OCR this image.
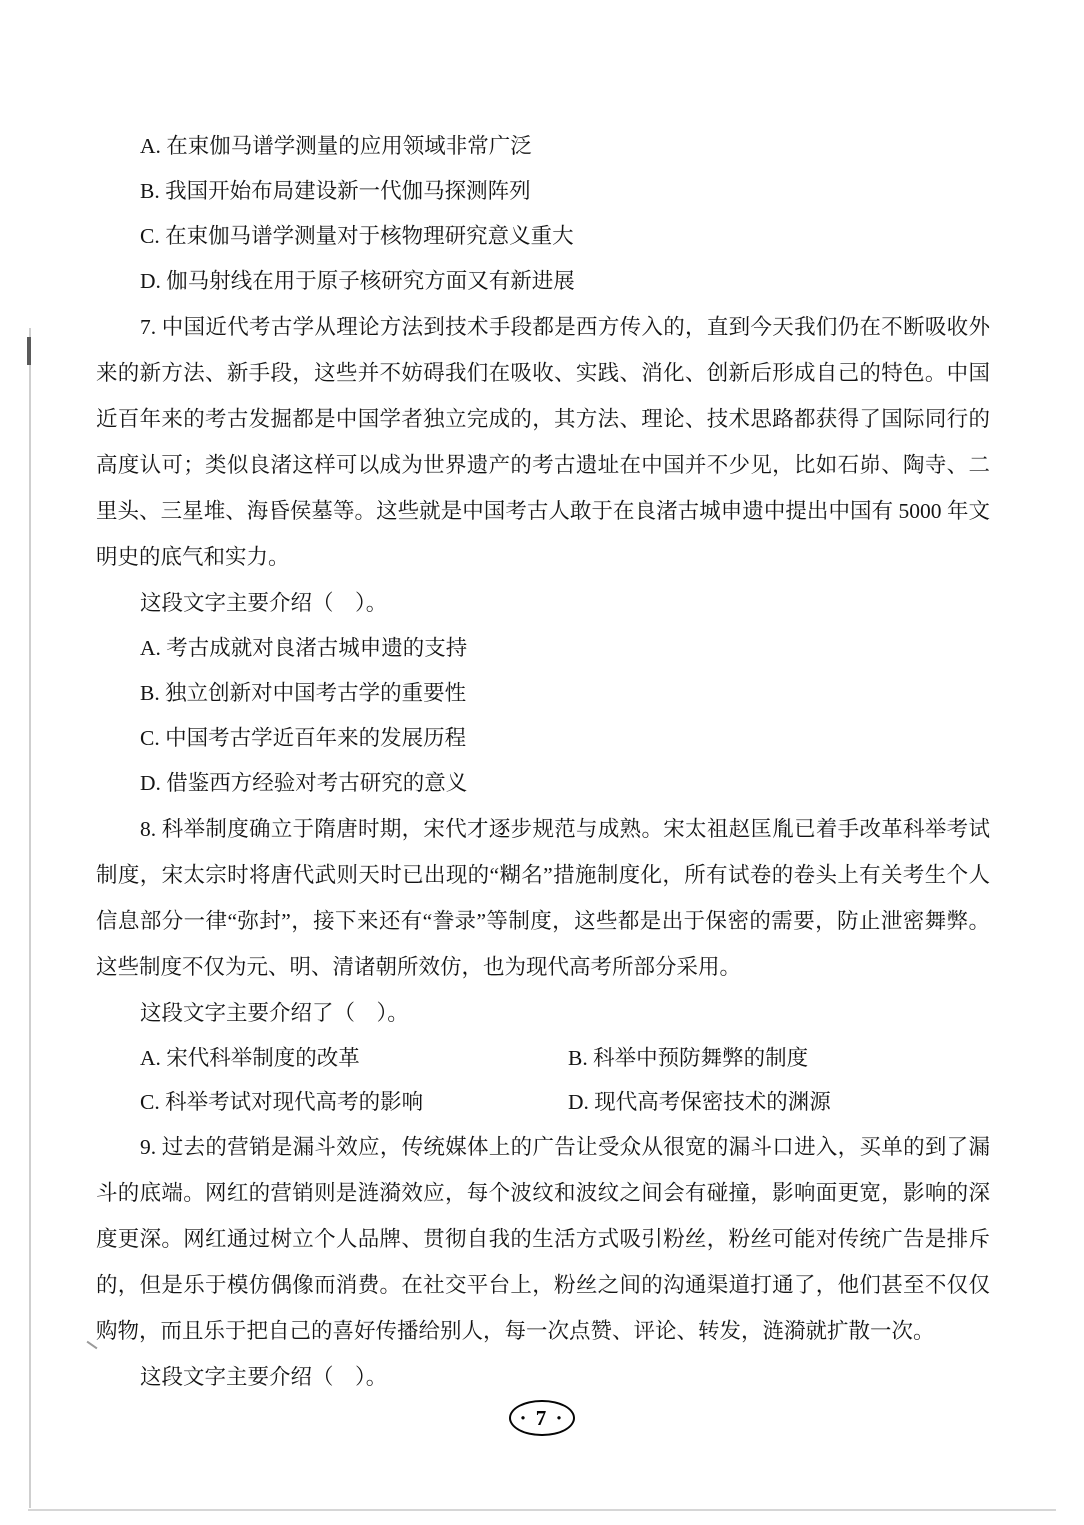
A. 在束伽马谱学测量的应用领域非常广泛
B. 我国开始布局建设新一代伽马探测阵列
C. 在束伽马谱学测量对于核物理研究意义重大
D. 伽马射线在用于原子核研究方面又有新进展

7. 中国近代考古学从理论方法到技术手段都是西方传入的，直到今天我们仍在不断吸收外来的新方法、新手段，这些并不妨碍我们在吸收、实践、消化、创新后形成自己的特色。中国近百年来的考古发掘都是中国学者独立完成的，其方法、理论、技术思路都获得了国际同行的高度认可；类似良渚这样可以成为世界遗产的考古遗址在中国并不少见，比如石峁、陶寺、二里头、三星堆、海昏侯墓等。这些就是中国考古人敢于在良渚古城申遗中提出中国有 5000 年文明史的底气和实力。

这段文字主要介绍（　）。
A. 考古成就对良渚古城申遗的支持
B. 独立创新对中国考古学的重要性
C. 中国考古学近百年来的发展历程
D. 借鉴西方经验对考古研究的意义

8. 科举制度确立于隋唐时期，宋代才逐步规范与成熟。宋太祖赵匡胤已着手改革科举考试制度，宋太宗时将唐代武则天时已出现的“糊名”措施制度化，所有试卷的卷头上有关考生个人信息部分一律“弥封”，接下来还有“誊录”等制度，这些都是出于保密的需要，防止泄密舞弊。这些制度不仅为元、明、清诸朝所效仿，也为现代高考所部分采用。

这段文字主要介绍了（　）。
A. 宋代科举制度的改革	B. 科举中预防舞弊的制度
C. 科举考试对现代高考的影响	D. 现代高考保密技术的渊源

9. 过去的营销是漏斗效应，传统媒体上的广告让受众从很宽的漏斗口进入，买单的到了漏斗的底端。网红的营销则是涟漪效应，每个波纹和波纹之间会有碰撞，影响面更宽，影响的深度更深。网红通过树立个人品牌、贯彻自我的生活方式吸引粉丝，粉丝可能对传统广告是排斥的，但是乐于模仿偶像而消费。在社交平台上，粉丝之间的沟通渠道打通了，他们甚至不仅仅购物，而且乐于把自己的喜好传播给别人，每一次点赞、评论、转发，涟漪就扩散一次。

这段文字主要介绍（　）。
· 7 ·
